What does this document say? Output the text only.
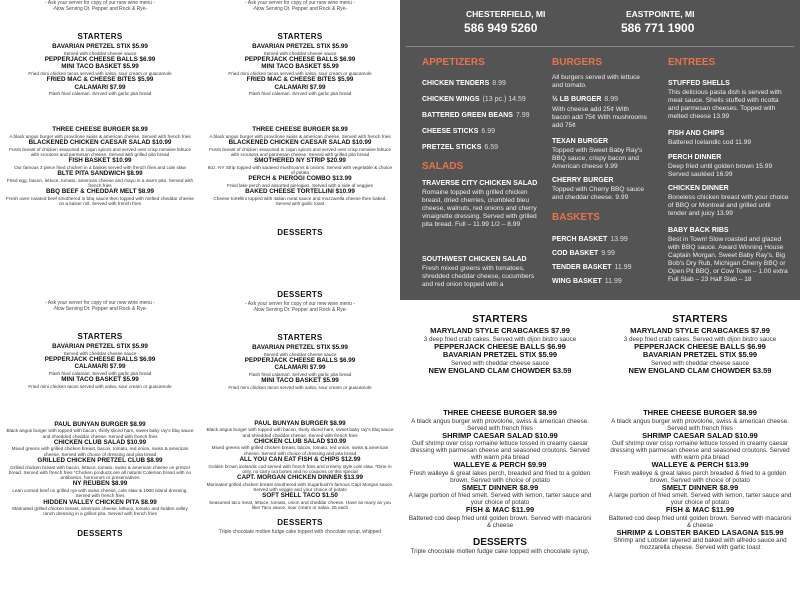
- Ask your server for copy of our new wine menu -
-Now Serving Dr. Pepper and Rock & Rye-
STARTERS
BAVARIAN PRETZEL STIX $5.99
Served with cheddar cheese sauce
PEPPERJACK CHEESE BALLS $6.99
MINI TACO BASKET $5.99
Fried mini chicken tacos served with salsa, sour cream or guacamole
FRIED MAC & CHEESE BITES $5.99
CALAMARI $7.99
Flash fried calamari. Served with garlic pita bread
THREE CHEESE BURGER $8.99
A black angus burger with provolone swiss & american cheese. Served with french fries
BLACKENED CHICKEN CAESAR SALAD $10.99
Fresh breast of chicken seasoned in cajun spices and served over crisp romaine lettuce with croutons and parmesan cheese. Served with grilled pita bread
FISH BASKET $10.99
Our famous 3 piece fried chicken in a basket served with french fries and cole slaw
BLTE PITA SANDWICH $8.99
Fried egg, bacon, lettuce, tomato, american cheese and mayo in a warm pita. Served with french fries
BBQ BEEF & CHEDDAR MELT $8.99
Fresh oven roasted beef smothered in bbq sauce then topped with melted cheddar cheese on a kaiser roll. Served with french fries
- Ask your server for copy of our new wine menu -
-Now Serving Dr. Pepper and Rock & Rye-
STARTERS
BAVARIAN PRETZEL STIX $5.99
Served with cheddar cheese sauce
PEPPERJACK CHEESE BALLS $6.99
MINI TACO BASKET $5.99
Fried mini chicken tacos served with salsa, sour cream or guacamole
FRIED MAC & CHEESE BITES $5.99
CALAMARI $7.99
Flash fried calamari. Served with garlic pita bread
THREE CHEESE BURGER $8.99
A black angus burger with provolone swiss & american cheese. Served with french fries
BLACKENED CHICKEN CAESAR SALAD $10.99
Fresh breast of chicken seasoned in cajun spices and served over crisp romaine lettuce with croutons and parmesan cheese. Served with grilled pita bread
SMOTHERED NY STRIP $20.99
8oz. NY Strip topped with sauteed mushrooms & onions. Served with vegetable & choice of potato
PERCH & PIEROGI COMBO $13.99
Fried lake perch and assorted pierogies. Served with a side of veggies
BAKED CHEESE TORTELLINI $10.99
Cheese tortellini topped with italian meat sauce and mozzarella cheese then baked. Served with garlic toast
DESSERTS
CHESTERFIELD, MI
586 949 5260
EASTPOINTE, MI
586 771 1900
APPETIZERS
CHICKEN TENDERS 8.99
CHICKEN WINGS (13 pc.) 14.59
BATTERED GREEN BEANS 7.99
CHEESE STICKS 6.99
PRETZEL STICKS 6.59
SALADS
TRAVERSE CITY CHICKEN SALAD
Romaine topped with grilled chicken breast, dried cherries, crumbled bleu cheese, walnuts, red onions and cherry vinaigrette dressing. Served with grilled pita bread. Full – 11.99 1/2 – 8.99
SOUTHWEST CHICKEN SALAD
Fresh mixed greens with tomatoes, shredded cheddar cheese, cucumbers and red onion topped with a
BURGERS
All burgers served with lettuce and tomato.
½ LB BURGER 8.99
With cheese add 25¢ With bacon add 75¢ With mushrooms add 75¢
TEXAN BURGER
Topped with Sweet Baby Ray's BBQ sauce, crispy bacon and American cheese 9.99
CHERRY BURGER
Topped with Cherry BBQ sauce and cheddar cheese. 9.99
BASKETS
PERCH BASKET 13.99
COD BASKET 9.99
TENDER BASKET 11.99
WING BASKET 11.99
ENTREES
STUFFED SHELLS
This delicious pasta dish is served with meat sauce. Shells stuffed with ricotta and parmesan cheeses. Topped with melted cheese 13.99
FISH AND CHIPS
Battered Icelandic cod 11.99
PERCH DINNER
Deep fried until golden brown 15.99 Served sautéed 16.99
CHICKEN DINNER
Boneless chicken breast with your choice of BBQ or Montreal and grilled until tender and juicy 13.99
BABY BACK RIBS
Best in Town! Slow roasted and glazed with BBQ sauce. Award Winning House Captain Morgan, Sweet Baby Ray's, Big Bob's Dry Rub, Michigan Cherry BBQ or Open Pit BBQ, or Cow Town – 1.00 extra Full Slab – 23 Half Slab – 18
- Ask your server for copy of our new wine menu -
-Now Serving Dr. Pepper and Rock & Rye-
STARTERS
BAVARIAN PRETZEL STIX $5.99
Served with cheddar cheese sauce
PEPPERJACK CHEESE BALLS $6.99
CALAMARI $7.99
Flash fried calamari. Served with garlic pita bread
MINI TACO BASKET $5.99
Fried mini chicken tacos served with salsa, sour cream or guacamole
PAUL BUNYAN BURGER $8.99
Black angus burger with topped with bacon, thinly sliced ham, sweet baby ray's bbq sauce and shredded cheddar cheese. Served with french fries
CHICKEN CLUB SALAD $10.99
Mixed greens with grilled chicken breast, bacon, tomato, red onion, swiss & american cheese. Served with choice of dressing and pita bread
GRILLED CHICKEN PRETZEL CLUB $8.99
Grilled chicken breast with bacon, lettuce, tomato, swiss & american cheese on pretzel bread. Served with french fries *Chicken products are all natural Coleman brand with no antibiotics, hormones or preservatives
NY REUBEN $8.99
Lean corned beef on grilled rye with swiss cheese, cole slaw & 1000 island dressing. Served with french fries
HIDDEN VALLEY CHICKEN PITA $8.99
Marinated grilled chicken breast, american cheese, lettuce, tomato and hidden valley ranch dressing in a grilled pita. Served with french fries
DESSERTS
DESSERTS
- Ask your server for copy of our new wine menu -
-Now Serving Dr. Pepper and Rock & Rye-
STARTERS
BAVARIAN PRETZEL STIX $5.99
Served with cheddar cheese sauce
PEPPERJACK CHEESE BALLS $6.99
CALAMARI $7.99
Flash fried calamari. Served with garlic pita bread
MINI TACO BASKET $5.99
Fried mini chicken tacos served with salsa, sour cream or guacamole
PAUL BUNYAN BURGER $8.99
Black angus burger with topped with bacon, thinly sliced ham, sweet baby ray's bbq sauce and shredded cheddar cheese. Served with french fries
CHICKEN CLUB SALAD $10.99
Mixed greens with grilled chicken breast, bacon, tomato, red onion, swiss & american cheese. Served with choice of dressing and pita bread
ALL YOU CAN EAT FISH & CHIPS $12.99
Golden brown icelandic cod served with french fries and creamy style cole slaw. *Dine in only, no carry out bones and no coupons on this special
CAPT. MORGAN CHICKEN DINNER $13.99
Marinated grilled chicken breast smothered with Sugarbush's famous Capt Morgan sauce. Served with veggie and your choice of potato
SOFT SHELL TACO $1.50
Seasoned taco meat, lettuce, tomato, onion and cheddar cheese. Have as many as you like! Taco sauce, sour cream or salsa .25 each
DESSERTS
Triple chocolate molten fudge cake topped with chocolate syrup, whipped
STARTERS
MARYLAND STYLE CRABCAKES $7.99
3 deep fried crab cakes. Served with dijon bistro sauce
PEPPERJACK CHEESE BALLS $6.99
BAVARIAN PRETZEL STIX $5.99
Served with cheddar cheese sauce
NEW ENGLAND CLAM CHOWDER $3.59
THREE CHEESE BURGER $8.99
A black angus burger with provolone, swiss & american cheese. Served with french fries
SHRIMP CAESAR SALAD $10.99
Gulf shrimp over crisp romaine lettuce tossed in creamy caesar dressing with parmesan cheese and seasoned croutons. Served with warm pita bread
WALLEYE & PERCH $9.99
Fresh walleye & great lakes perch, breaded and fried to a golden brown. Served with choice of potato
SMELT DINNER $8.99
A large portion of fried smelt. Served with lemon, tarter sauce and your choice of potato
FISH & MAC $11.99
Battered cod deep fried until golden brown. Served with macaroni & cheese
DESSERTS
Triple chocolate molten fudge cake topped with chocolate syrup,
STARTERS
MARYLAND STYLE CRABCAKES $7.99
3 deep fried crab cakes. Served with dijon bistro sauce
PEPPERJACK CHEESE BALLS $6.99
BAVARIAN PRETZEL STIX $5.99
Served with cheddar cheese sauce
NEW ENGLAND CLAM CHOWDER $3.59
THREE CHEESE BURGER $8.99
A black angus burger with provolone, swiss & american cheese. Served with french fries
SHRIMP CAESAR SALAD $10.99
Gulf shrimp over crisp romaine lettuce tossed in creamy caesar dressing with parmesan cheese and seasoned croutons. Served with warm pita bread
WALLEYE & PERCH $13.99
Fresh walleye & great lakes perch breaded & fried to a golden brown. Served with choice of potato
SMELT DINNER $8.99
A large portion of fried smelt. Served with lemon, tarter sauce and your choice of potato
FISH & MAC $11.99
Battered cod deep fried until golden brown. Served with macaroni & cheese
SHRIMP & LOBSTER BAKED LASAGNA $15.99
Shrimp and Lobster layered and baked with alfredo sauce and mozzarella cheese. Served with garlic toast
